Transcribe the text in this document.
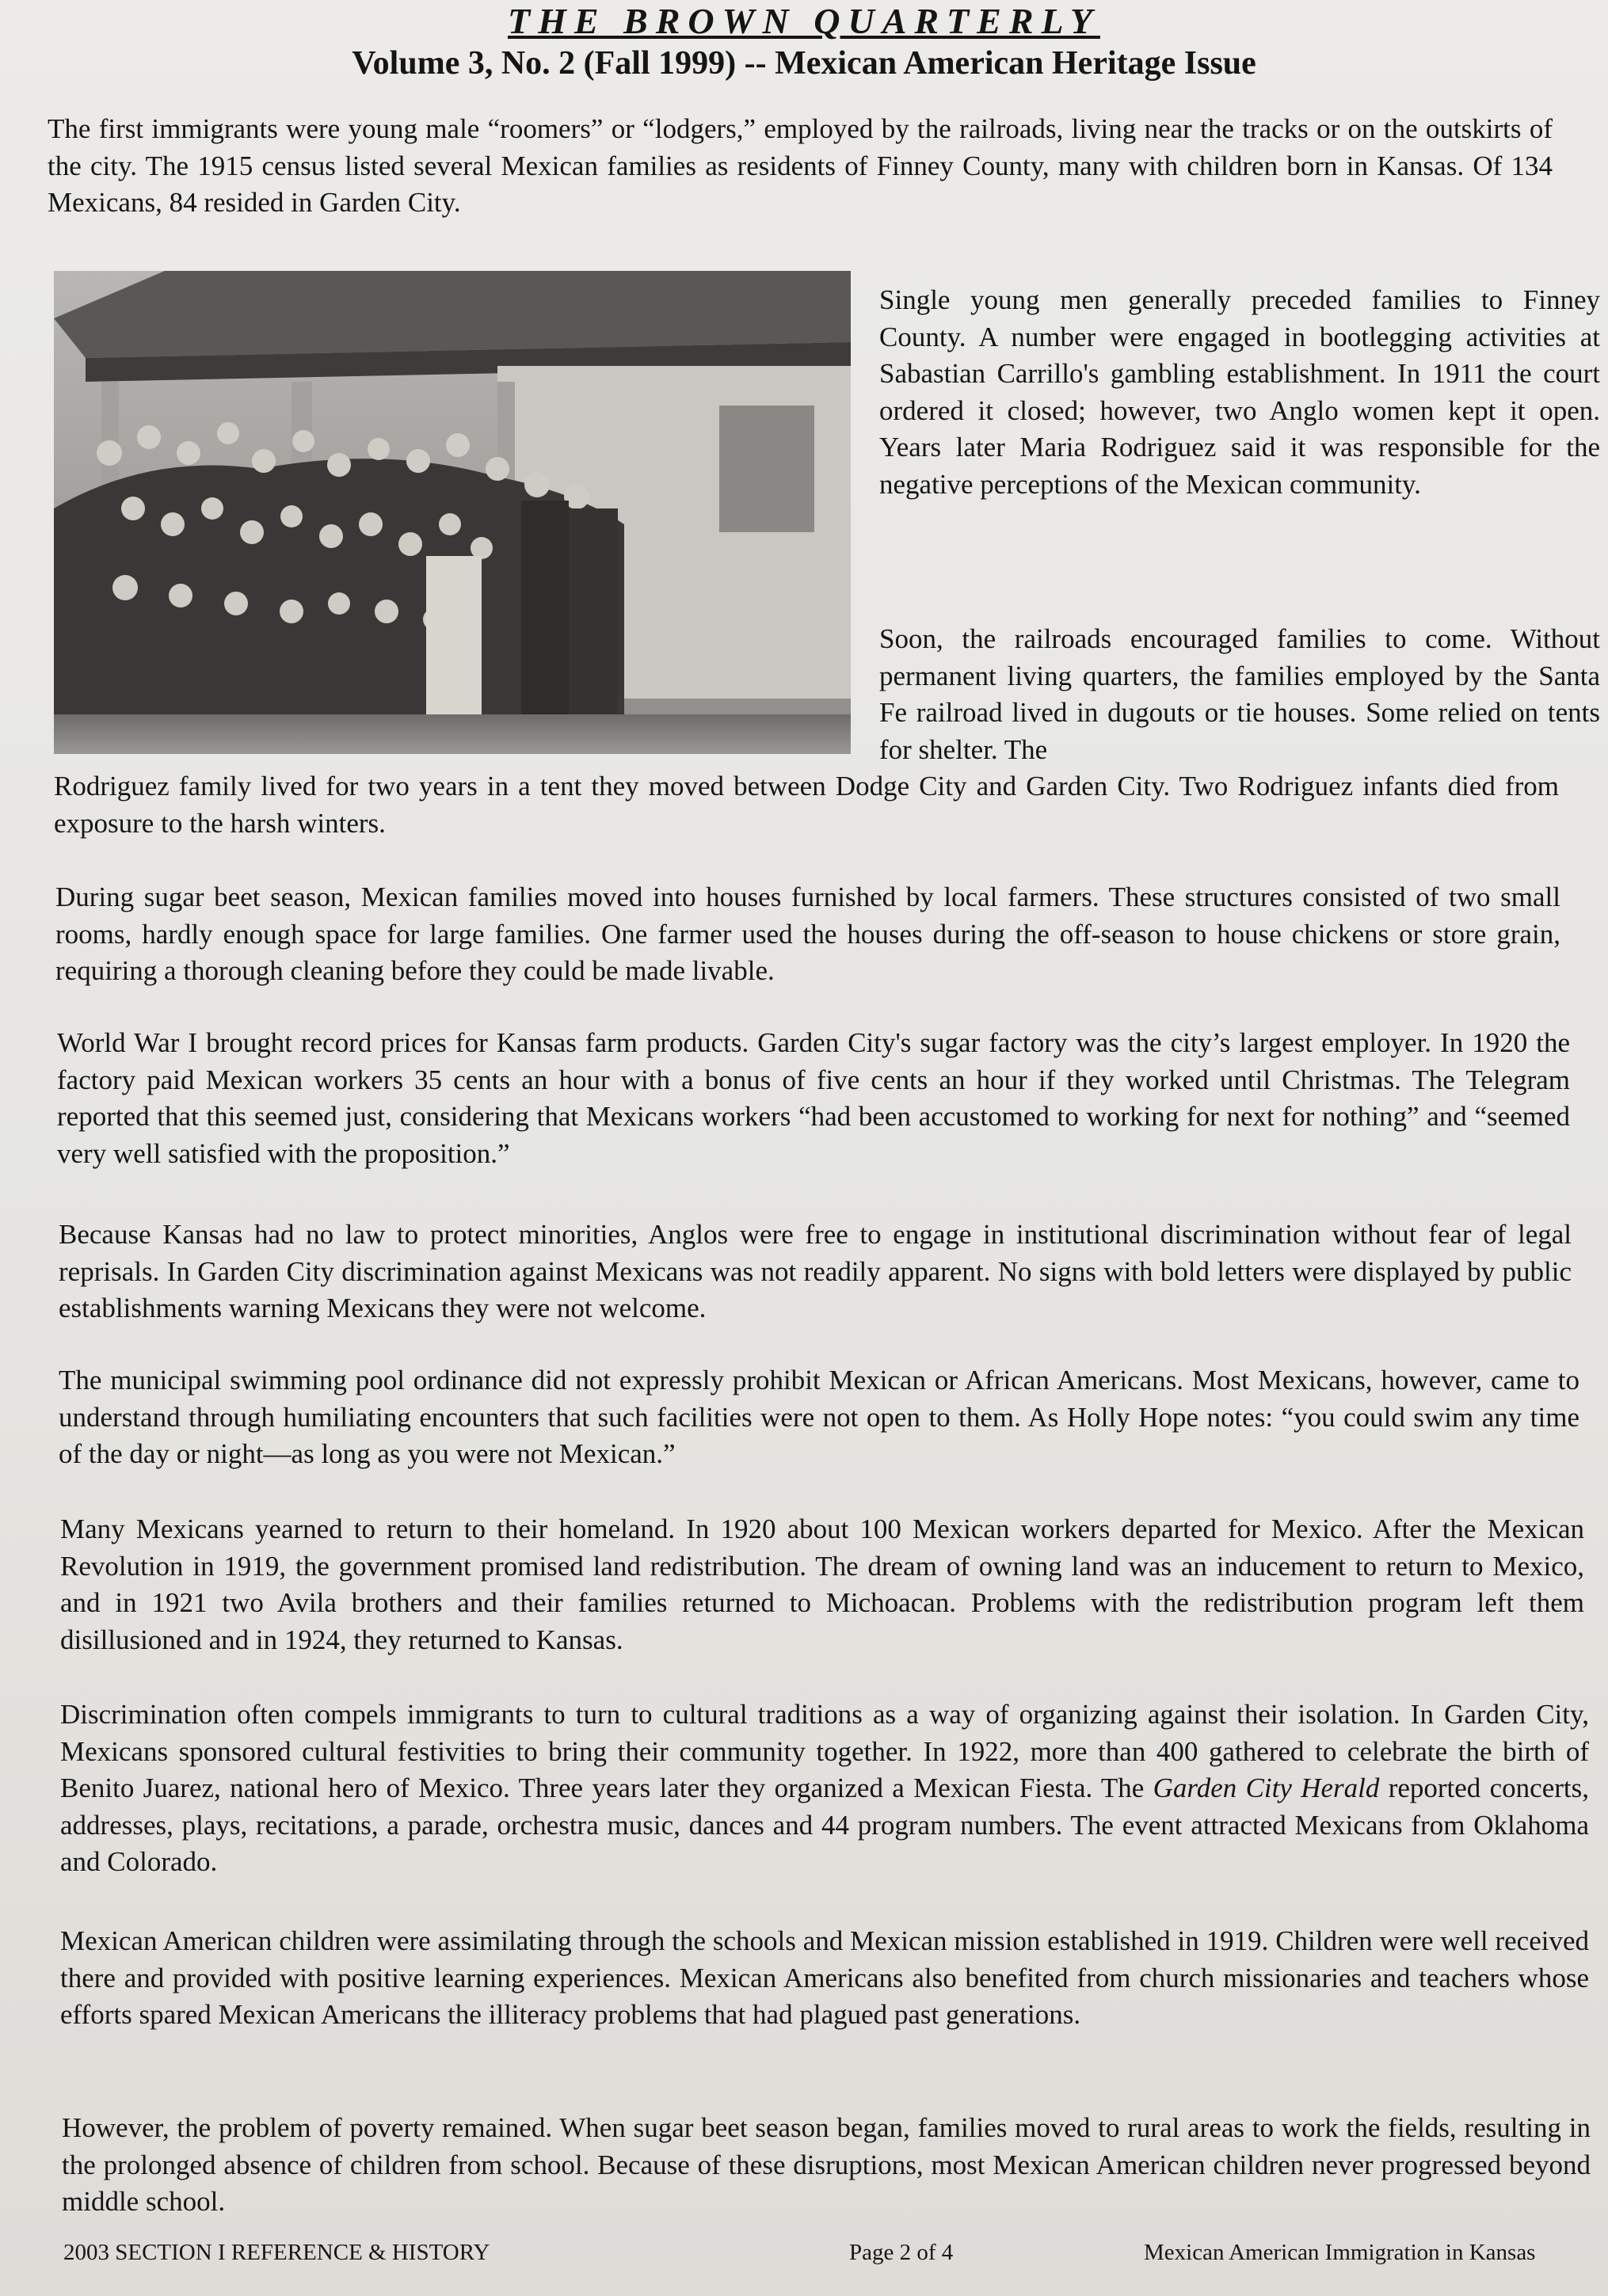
THE BROWN QUARTERLY
Volume 3, No. 2 (Fall 1999) -- Mexican American Heritage Issue

The first immigrants were young male “roomers” or “lodgers,” employed by the railroads, living near the tracks or on the outskirts of the city. The 1915 census listed several Mexican families as residents of Finney County, many with children born in Kansas. Of 134 Mexicans, 84 resided in Garden City.

Single young men generally preceded families to Finney County. A number were engaged in bootlegging activities at Sabastian Carrillo's gambling establishment. In 1911 the court ordered it closed; however, two Anglo women kept it open. Years later Maria Rodriguez said it was responsible for the negative perceptions of the Mexican community.

Soon, the railroads encouraged families to come. Without permanent living quarters, the families employed by the Santa Fe railroad lived in dugouts or tie houses. Some relied on tents for shelter. The

Rodriguez family lived for two years in a tent they moved between Dodge City and Garden City. Two Rodriguez infants died from exposure to the harsh winters.

During sugar beet season, Mexican families moved into houses furnished by local farmers. These structures consisted of two small rooms, hardly enough space for large families. One farmer used the houses during the off-season to house chickens or store grain, requiring a thorough cleaning before they could be made livable.

World War I brought record prices for Kansas farm products. Garden City's sugar factory was the city’s largest employer. In 1920 the factory paid Mexican workers 35 cents an hour with a bonus of five cents an hour if they worked until Christmas. The Telegram reported that this seemed just, considering that Mexicans workers “had been accustomed to working for next for nothing” and “seemed very well satisfied with the proposition.”

Because Kansas had no law to protect minorities, Anglos were free to engage in institutional discrimination without fear of legal reprisals. In Garden City discrimination against Mexicans was not readily apparent. No signs with bold letters were displayed by public establishments warning Mexicans they were not welcome.

The municipal swimming pool ordinance did not expressly prohibit Mexican or African Americans. Most Mexicans, however, came to understand through humiliating encounters that such facilities were not open to them. As Holly Hope notes: “you could swim any time of the day or night—as long as you were not Mexican.”

Many Mexicans yearned to return to their homeland. In 1920 about 100 Mexican workers departed for Mexico. After the Mexican Revolution in 1919, the government promised land redistribution. The dream of owning land was an inducement to return to Mexico, and in 1921 two Avila brothers and their families returned to Michoacan. Problems with the redistribution program left them disillusioned and in 1924, they returned to Kansas.

Discrimination often compels immigrants to turn to cultural traditions as a way of organizing against their isolation. In Garden City, Mexicans sponsored cultural festivities to bring their community together. In 1922, more than 400 gathered to celebrate the birth of Benito Juarez, national hero of Mexico. Three years later they organized a Mexican Fiesta. The Garden City Herald reported concerts, addresses, plays, recitations, a parade, orchestra music, dances and 44 program numbers. The event attracted Mexicans from Oklahoma and Colorado.

Mexican American children were assimilating through the schools and Mexican mission established in 1919. Children were well received there and provided with positive learning experiences. Mexican Americans also benefited from church missionaries and teachers whose efforts spared Mexican Americans the illiteracy problems that had plagued past generations.

However, the problem of poverty remained. When sugar beet season began, families moved to rural areas to work the fields, resulting in the prolonged absence of children from school. Because of these disruptions, most Mexican American children never progressed beyond middle school.

2003 SECTION I REFERENCE & HISTORY	Page 2 of 4	Mexican American Immigration in Kansas
